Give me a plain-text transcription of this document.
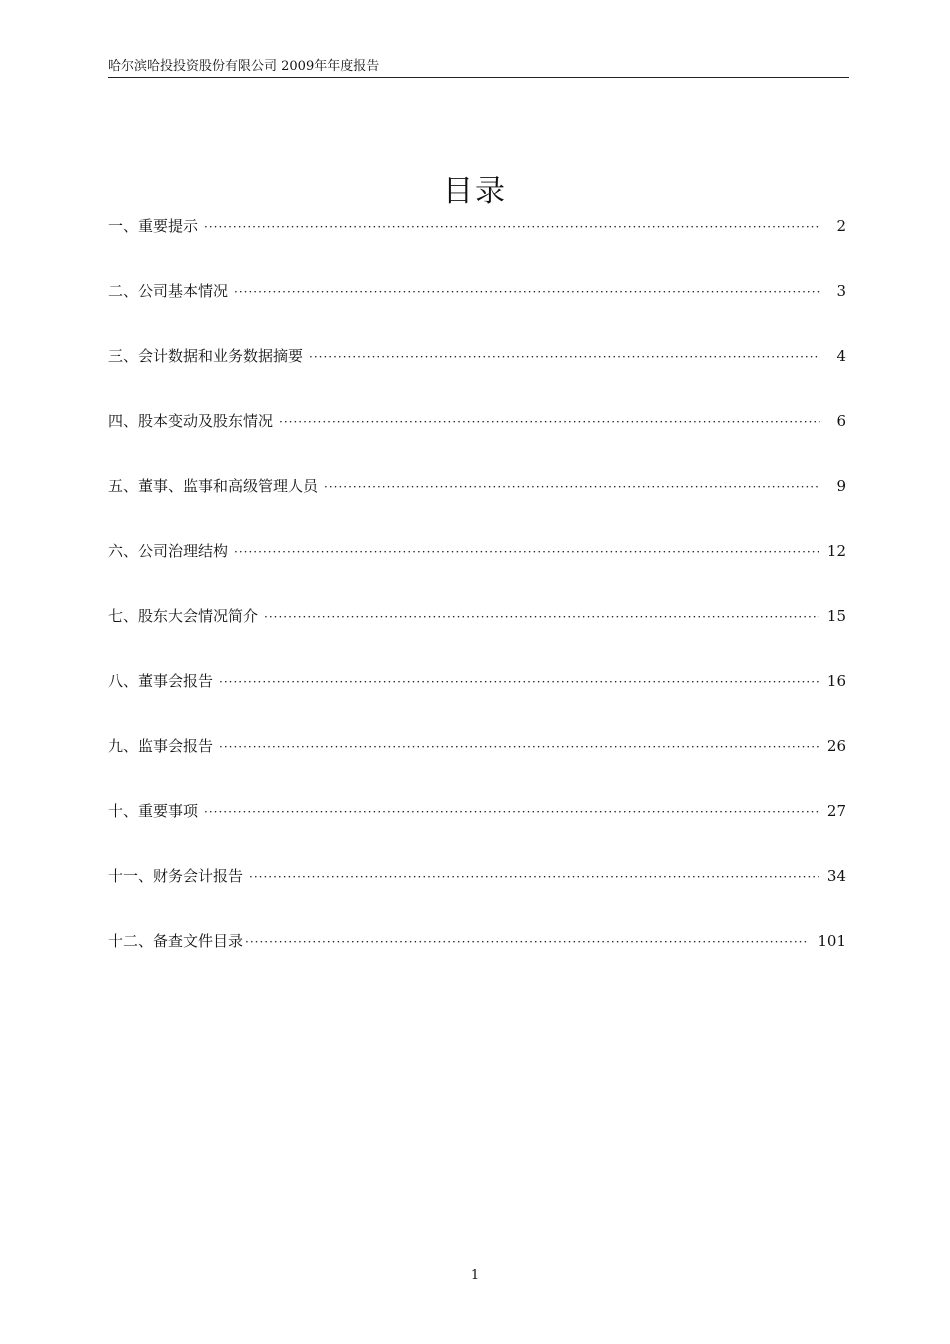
哈尔滨哈投投资股份有限公司 2009年年度报告
目录
一、重要提示 ·····	2
二、公司基本情况 ·····	3
三、会计数据和业务数据摘要 ·····	4
四、股本变动及股东情况 ·····	6
五、董事、监事和高级管理人员 ·····	9
六、公司治理结构 ·····	12
七、股东大会情况简介 ·····	15
八、董事会报告 ·····	16
九、监事会报告 ·····	26
十、重要事项 ·····	27
十一、财务会计报告 ·····	34
十二、备查文件目录 ·····	101
1
